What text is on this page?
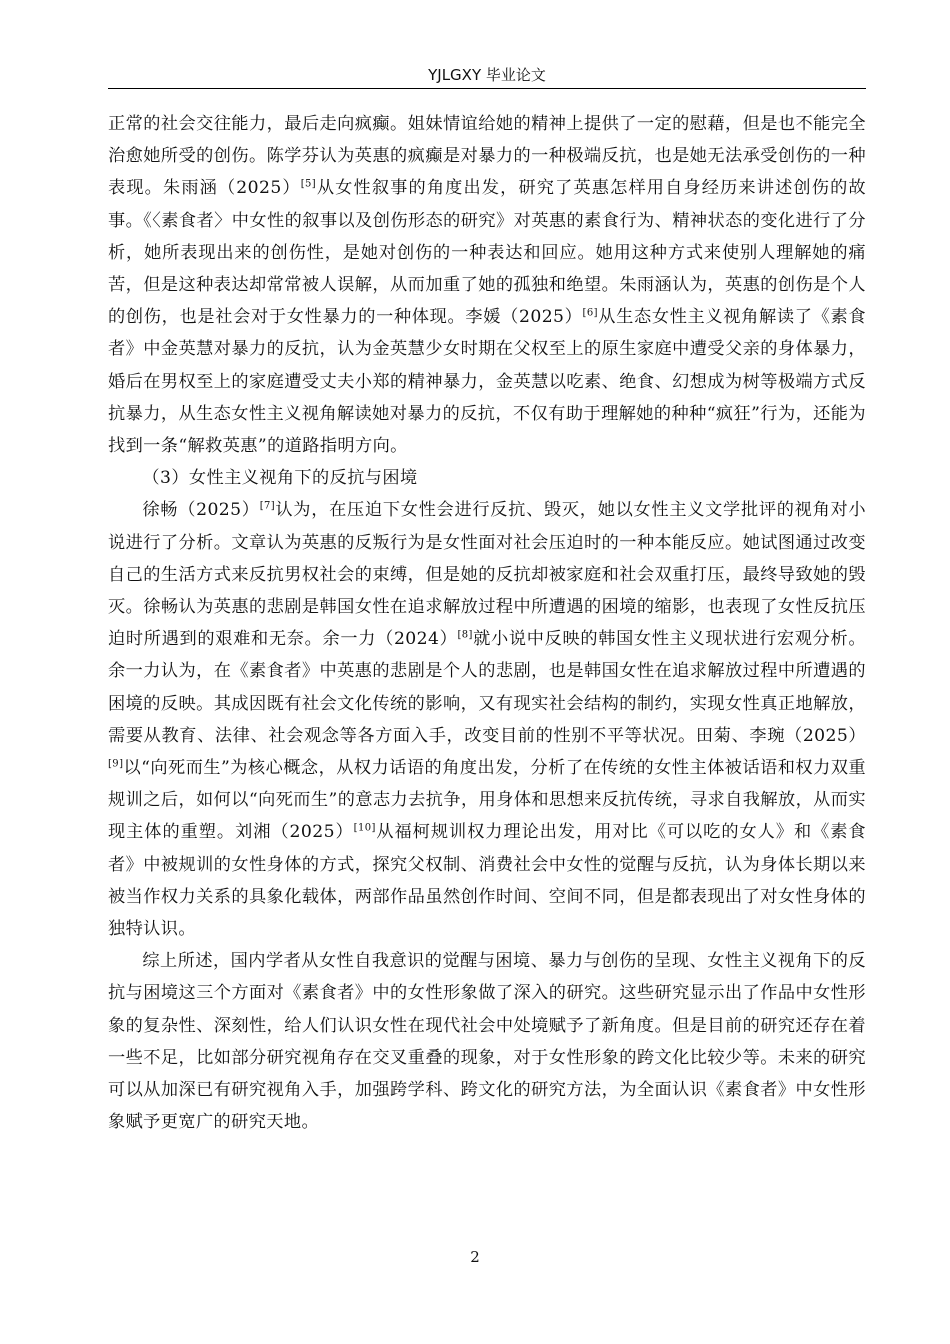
YJLGXY 毕业论文

正常的社会交往能力，最后走向疯癫。姐妹情谊给她的精神上提供了一定的慰藉，但是也不能完全治愈她所受的创伤。陈学芬认为英惠的疯癫是对暴力的一种极端反抗，也是她无法承受创伤的一种表现。朱雨涵（2025）[5]从女性叙事的角度出发，研究了英惠怎样用自身经历来讲述创伤的故事。《〈素食者〉中女性的叙事以及创伤形态的研究》对英惠的素食行为、精神状态的变化进行了分析，她所表现出来的创伤性，是她对创伤的一种表达和回应。她用这种方式来使别人理解她的痛苦，但是这种表达却常常被人误解，从而加重了她的孤独和绝望。朱雨涵认为，英惠的创伤是个人的创伤，也是社会对于女性暴力的一种体现。李媛（2025）[6]从生态女性主义视角解读了《素食者》中金英慧对暴力的反抗，认为金英慧少女时期在父权至上的原生家庭中遭受父亲的身体暴力，婚后在男权至上的家庭遭受丈夫小郑的精神暴力，金英慧以吃素、绝食、幻想成为树等极端方式反抗暴力，从生态女性主义视角解读她对暴力的反抗，不仅有助于理解她的种种“疯狂”行为，还能为找到一条“解救英惠”的道路指明方向。

（3）女性主义视角下的反抗与困境

徐畅（2025）[7]认为，在压迫下女性会进行反抗、毁灭，她以女性主义文学批评的视角对小说进行了分析。文章认为英惠的反叛行为是女性面对社会压迫时的一种本能反应。她试图通过改变自己的生活方式来反抗男权社会的束缚，但是她的反抗却被家庭和社会双重打压，最终导致她的毁灭。徐畅认为英惠的悲剧是韩国女性在追求解放过程中所遭遇的困境的缩影，也表现了女性反抗压迫时所遇到的艰难和无奈。余一力（2024）[8]就小说中反映的韩国女性主义现状进行宏观分析。余一力认为，在《素食者》中英惠的悲剧是个人的悲剧，也是韩国女性在追求解放过程中所遭遇的困境的反映。其成因既有社会文化传统的影响，又有现实社会结构的制约，实现女性真正地解放，需要从教育、法律、社会观念等各方面入手，改变目前的性别不平等状况。田菊、李琬（2025）[9]以“向死而生”为核心概念，从权力话语的角度出发，分析了在传统的女性主体被话语和权力双重规训之后，如何以“向死而生”的意志力去抗争，用身体和思想来反抗传统，寻求自我解放，从而实现主体的重塑。刘湘（2025）[10]从福柯规训权力理论出发，用对比《可以吃的女人》和《素食者》中被规训的女性身体的方式，探究父权制、消费社会中女性的觉醒与反抗，认为身体长期以来被当作权力关系的具象化载体，两部作品虽然创作时间、空间不同，但是都表现出了对女性身体的独特认识。

综上所述，国内学者从女性自我意识的觉醒与困境、暴力与创伤的呈现、女性主义视角下的反抗与困境这三个方面对《素食者》中的女性形象做了深入的研究。这些研究显示出了作品中女性形象的复杂性、深刻性，给人们认识女性在现代社会中处境赋予了新角度。但是目前的研究还存在着一些不足，比如部分研究视角存在交叉重叠的现象，对于女性形象的跨文化比较少等。未来的研究可以从加深已有研究视角入手，加强跨学科、跨文化的研究方法，为全面认识《素食者》中女性形象赋予更宽广的研究天地。

2
